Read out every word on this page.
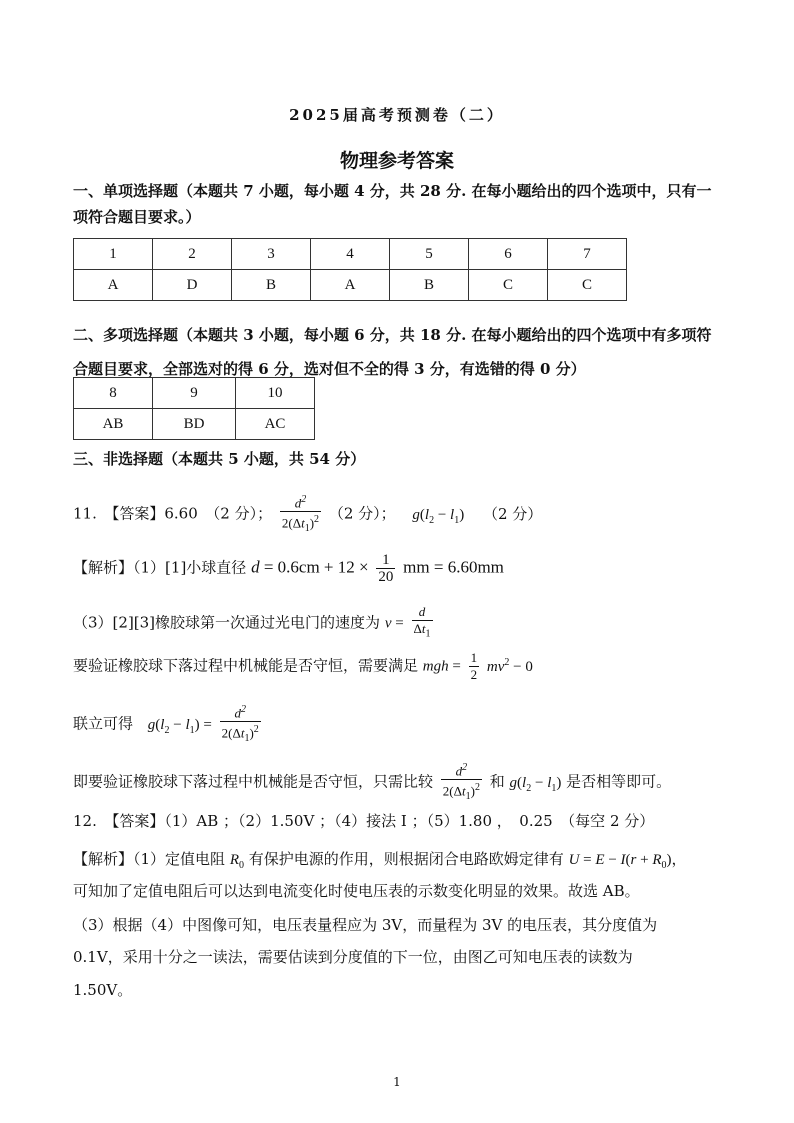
2025届高考预测卷（二）
物理参考答案
一、单项选择题（本题共 7 小题，每小题 4 分，共 28 分. 在每小题给出的四个选项中，只有一
项符合题目要求。）
1	2	3	4	5	6	7
A	D	B	A	B	C	C
二、多项选择题（本题共 3 小题，每小题 6 分，共 18 分. 在每小题给出的四个选项中有多项符
合题目要求，全部选对的得 6 分，选对但不全的得 3 分，有选错的得 0 分）
8	9	10
AB	BD	AC
三、非选择题（本题共 5 小题，共 54 分）
11.　【答案】6.60　（2 分）； $\frac{d^2}{2(\Delta t_1)^2} (2$ 分）； $g(l_2 - l_1)$ （2 分）
【解析】（1）[1]小球直径 $d = 0.6cm + 12 \times \frac{1}{20}$ mm = 6.60mm
（3）[2][3]橡胶球第一次通过光电门的速度为 $v = \frac{d}{\Delta t_1}$
要验证橡胶球下落过程中机械能是否守恒，需要满足 mgh = $\frac{1}{2} mv^2 - 0$
联立可得 $g(l_2 - l_1) = \frac{d^2}{2(\Delta t_1)^2}$
即要验证橡胶球下落过程中机械能是否守恒，只需比较 $\frac{d^2}{2(\Delta t_1)^2}$ 和 $g(l_2 - l_1)$ 是否相等即可。
12.　【答案】（1）AB ；（2）1.50V ；（4）接法 I ；（5）1.80 ，　0.25　（每空 2 分）
【解析】（1）定值电阻 $R_0$ 有保护电源的作用，则根据闭合电路欧姆定律有 $U = E - I(r + R_0)$，
可知加了定值电阻后可以达到电流变化时使电压表的示数变化明显的效果。故选 AB。
（3）根据（4）中图像可知，电压表量程应为 3V，而量程为 3V 的电压表，其分度值为
0.1V，采用十分之一读法，需要估读到分度值的下一位，由图乙可知电压表的读数为
1.50V。
1
